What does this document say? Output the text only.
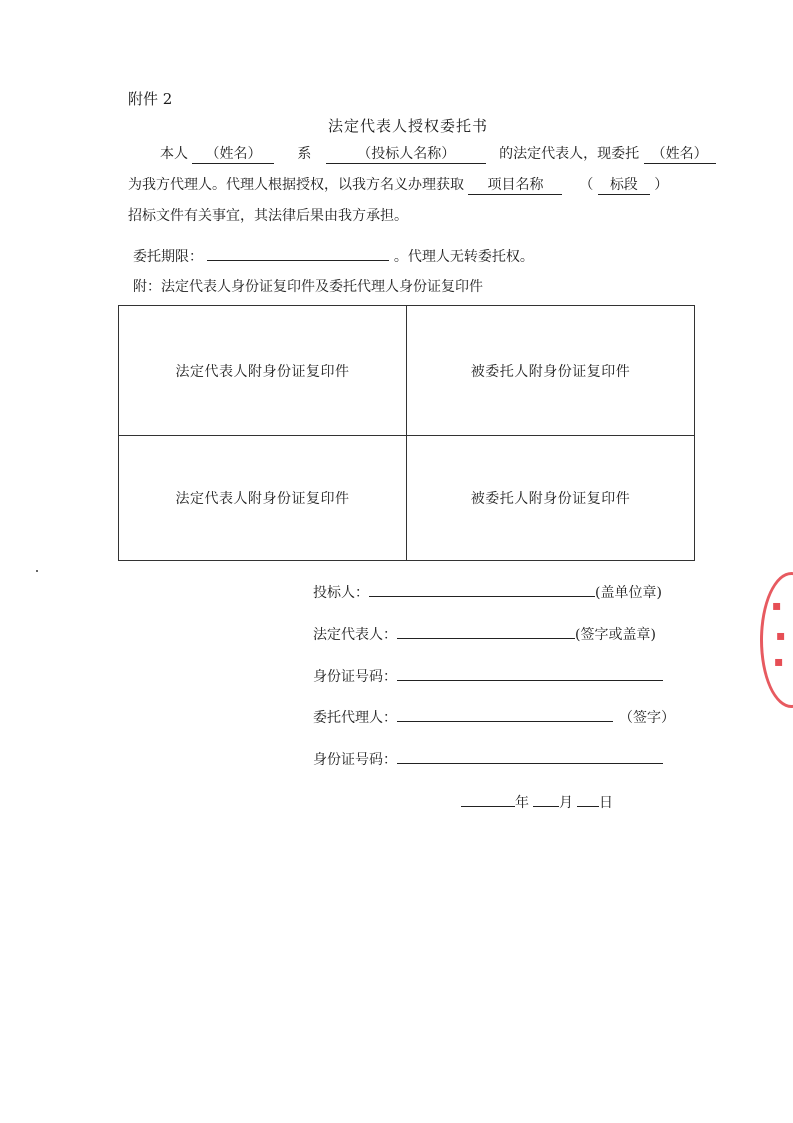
附件 2
法定代表人授权委托书
本人 （姓名）	系	（投标人名称）	的法定代表人，现委托 （姓名）
为我方代理人。代理人根据授权，以我方名义办理获取 项目名称	（ 标段 ）
招标文件有关事宜，其法律后果由我方承担。
委托期限：	。代理人无转委托权。
附：法定代表人身份证复印件及委托代理人身份证复印件
法定代表人附身份证复印件	被委托人附身份证复印件
法定代表人附身份证复印件	被委托人附身份证复印件
投标人：	(盖单位章)
法定代表人：	(签字或盖章)
身份证号码：
委托代理人：	（签字）
身份证号码：
年 月 日
▪
▪
▪
